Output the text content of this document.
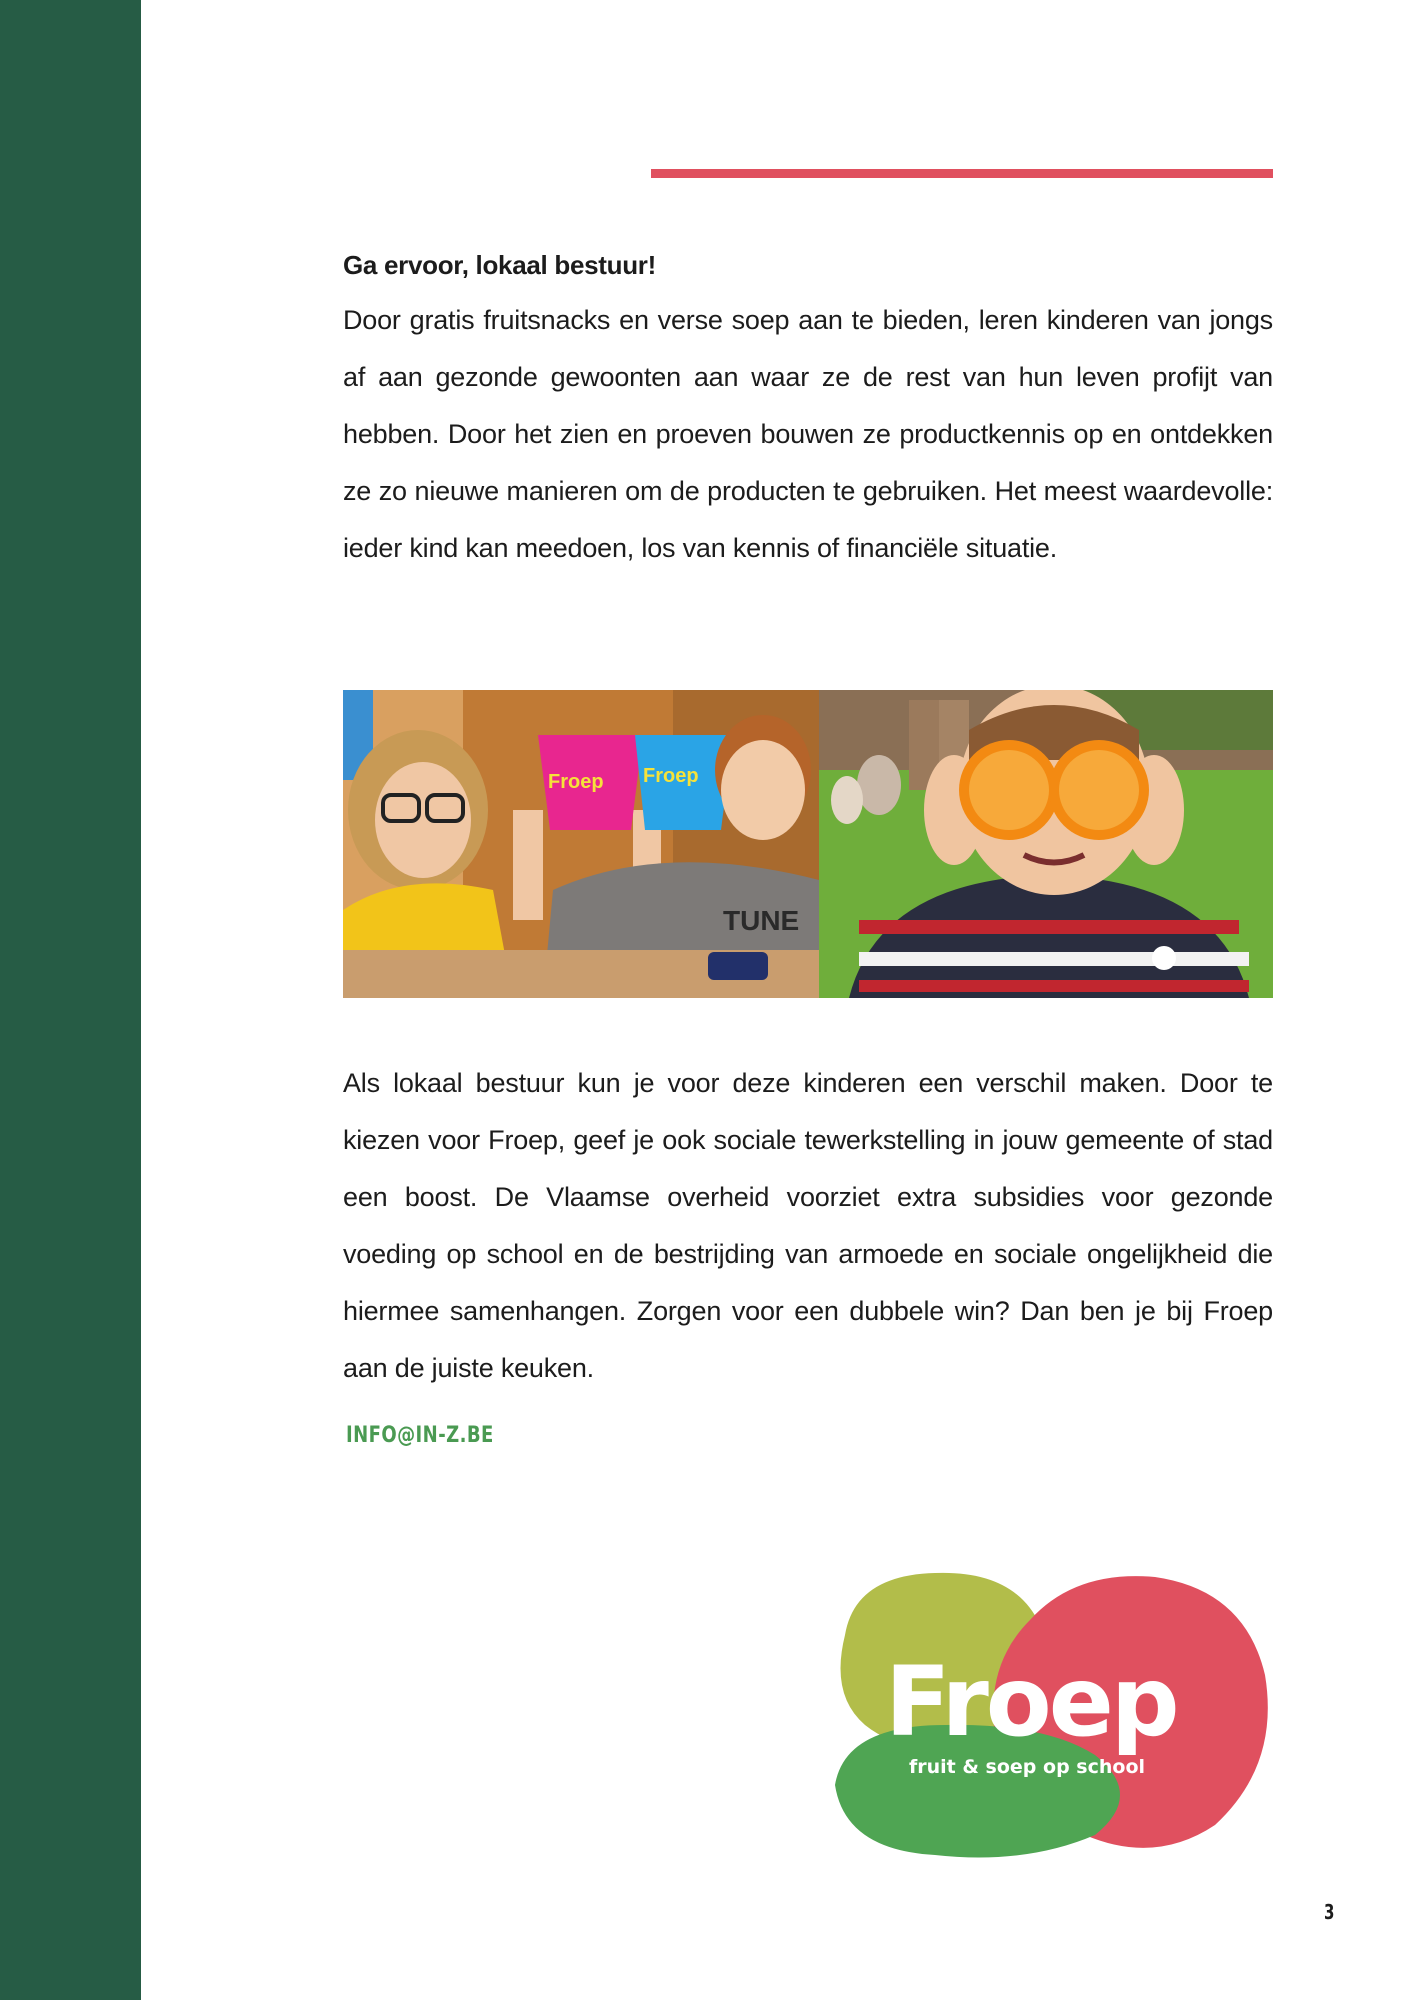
Ga ervoor, lokaal bestuur!

Door gratis fruitsnacks en verse soep aan te bieden, leren kinderen van jongs af aan gezonde gewoonten aan waar ze de rest van hun leven profijt van hebben. Door het zien en proeven bouwen ze productkennis op en ontdekken ze zo nieuwe manieren om de producten te gebruiken. Het meest waardevolle: ieder kind kan meedoen, los van kennis of financiële situatie.

Froep Froep
TUNE

Als lokaal bestuur kun je voor deze kinderen een verschil maken. Door te kiezen voor Froep, geef je ook sociale tewerkstelling in jouw gemeente of stad een boost. De Vlaamse overheid voorziet extra subsidies voor gezonde voeding op school en de bestrijding van armoede en sociale ongelijkheid die hiermee samenhangen. Zorgen voor een dubbele win? Dan ben je bij Froep aan de juiste keuken.

INFO@IN-Z.BE
Froep
fruit & soep op school
3
